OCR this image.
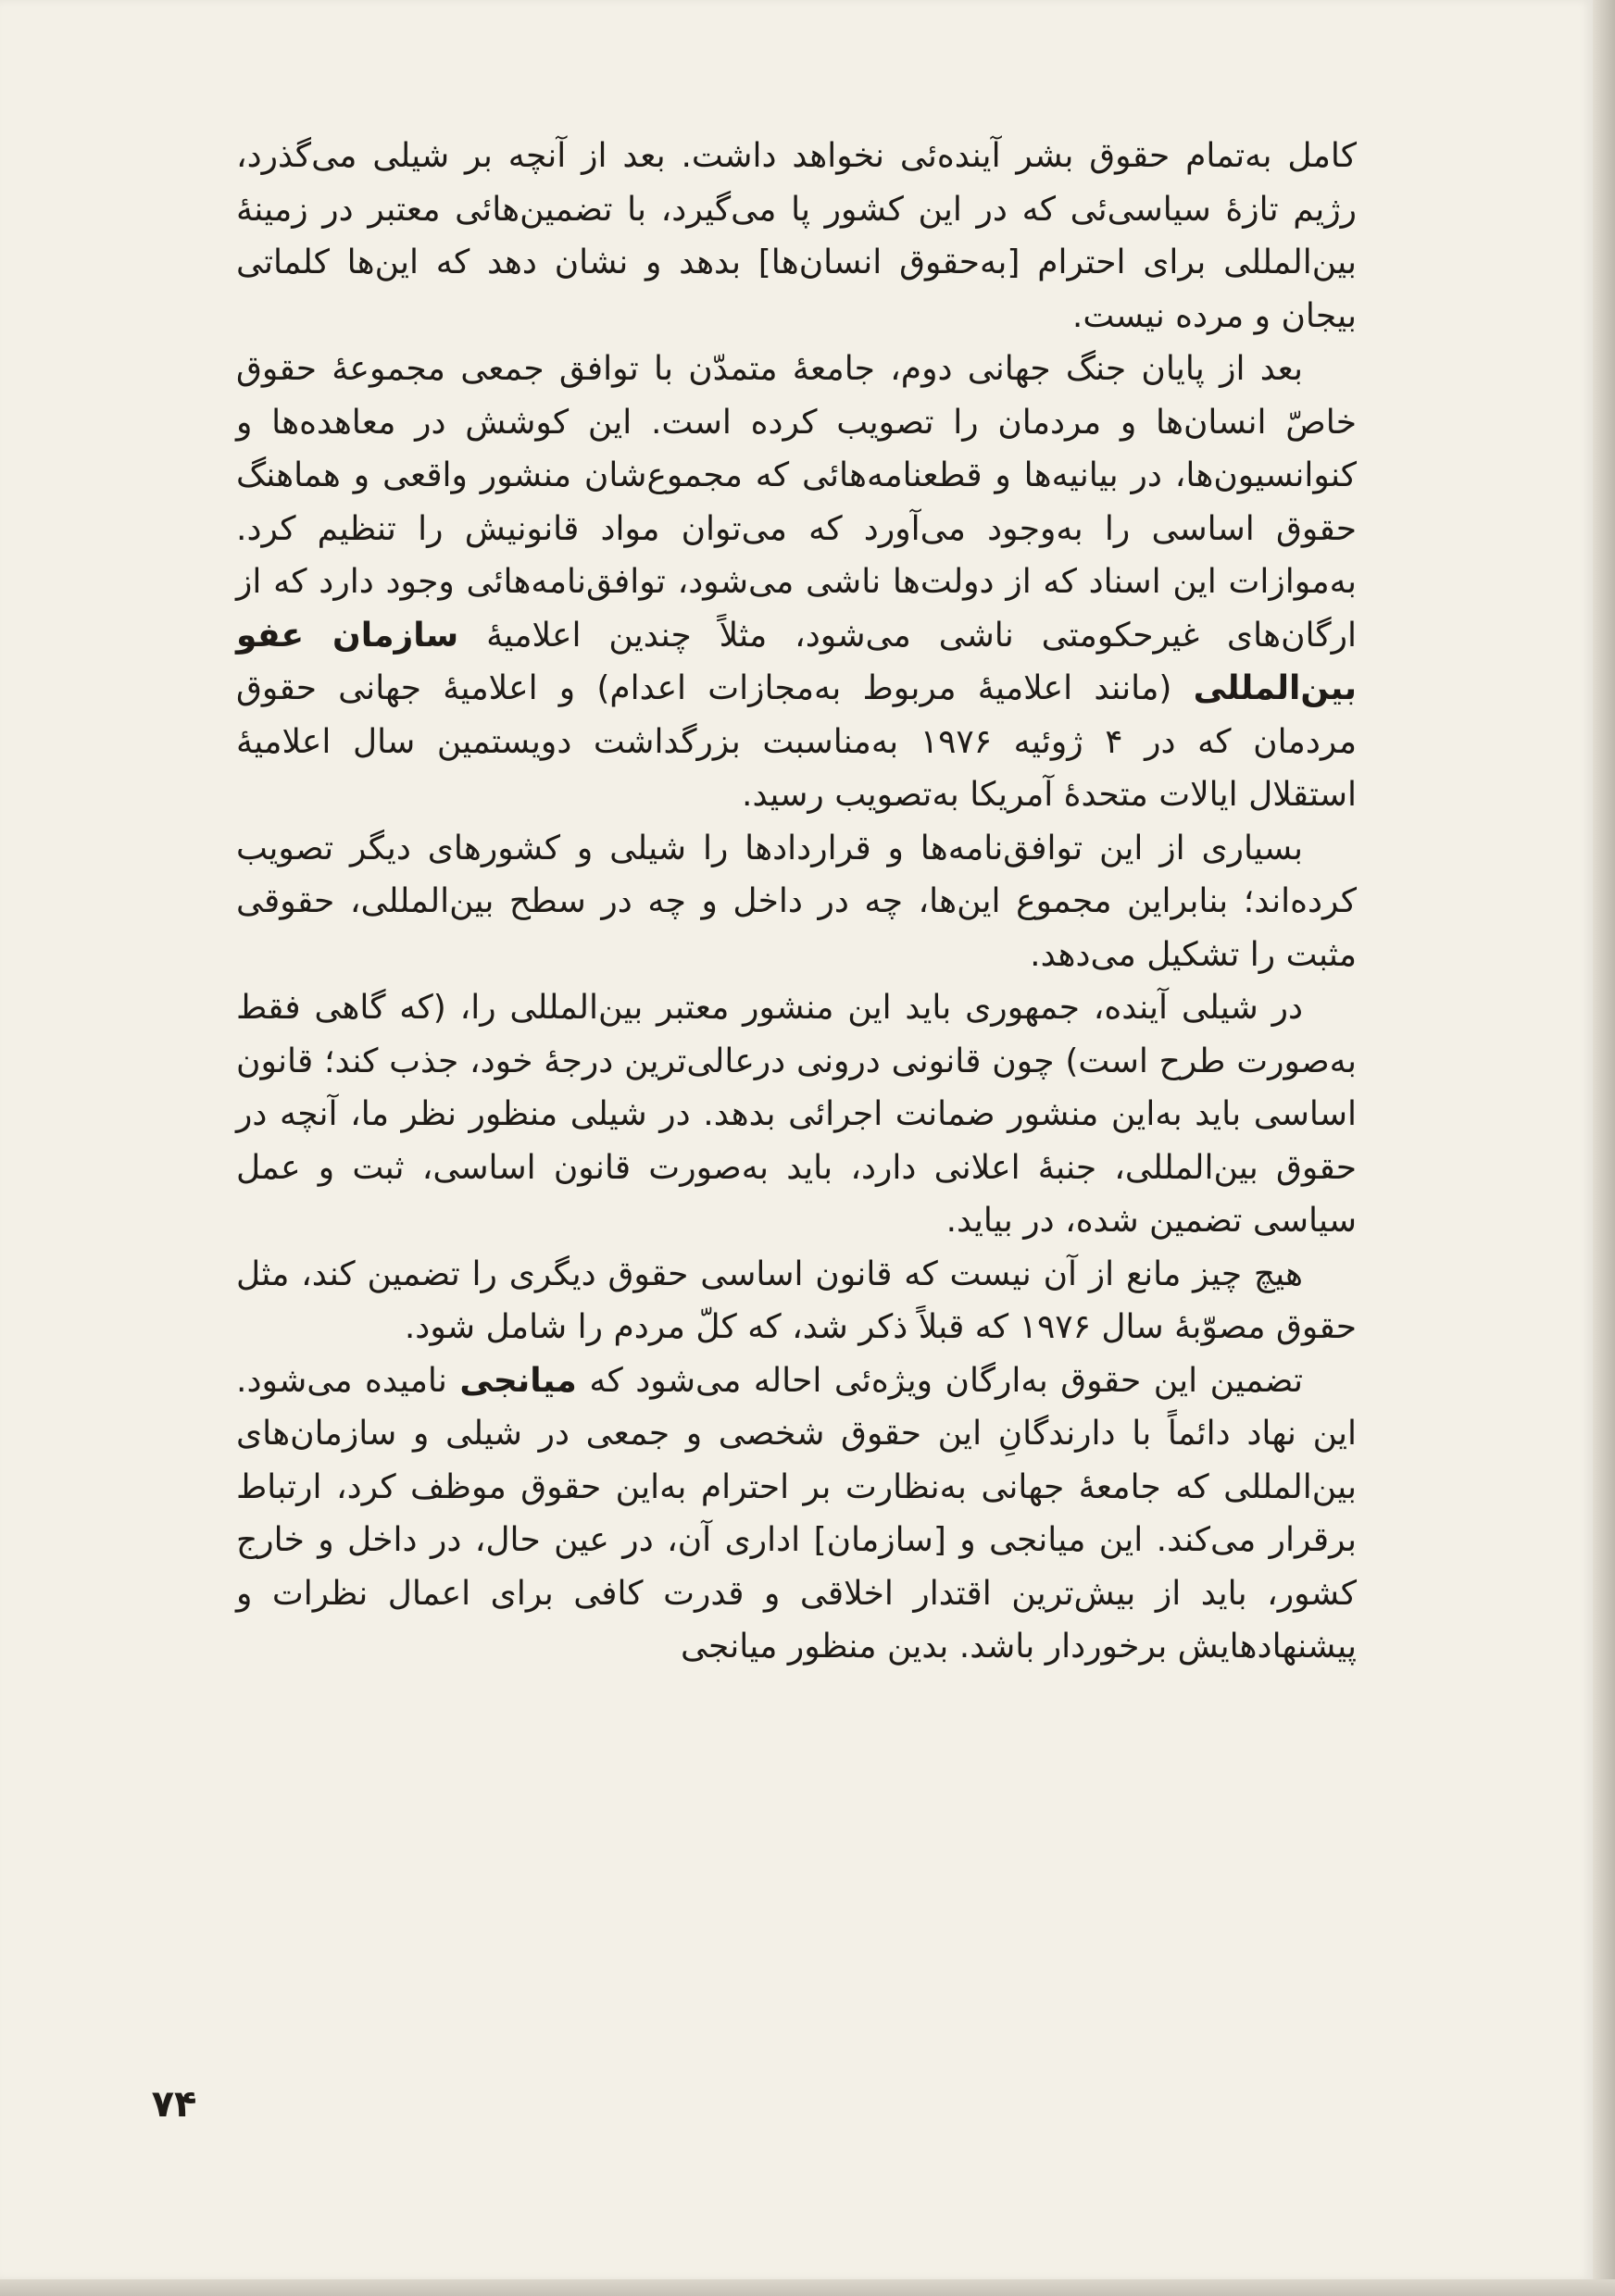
کامل به‌تمام حقوق بشر آینده‌ئی نخواهد داشت. بعد از آنچه بر شیلی می‌گذرد، رژیم تازهٔ سیاسی‌ئی که در این کشور پا می‌گیرد، با تضمین‌هائی معتبر در زمینهٔ بین‌المللی برای احترام [به‌حقوق انسان‌ها] بدهد و نشان دهد که این‌ها کلماتی بیجان و مرده نیست.

بعد از پایان جنگ جهانی دوم، جامعهٔ متمدّن با توافق جمعی مجموعهٔ حقوق خاصّ انسان‌ها و مردمان را تصویب کرده است. این کوشش در معاهده‌ها و کنوانسیون‌ها، در بیانیه‌ها و قطعنامه‌هائی که مجموع‌شان منشور واقعی و هماهنگ حقوق اساسی را به‌وجود می‌آورد که می‌توان مواد قانونیش را تنظیم کرد. به‌موازات این اسناد که از دولت‌ها ناشی می‌شود، توافق‌نامه‌هائی وجود دارد که از ارگان‌های غیرحکومتی ناشی می‌شود، مثلاً چندین اعلامیهٔ سازمان عفو بین‌المللی (مانند اعلامیهٔ مربوط به‌مجازات اعدام) و اعلامیهٔ جهانی حقوق مردمان که در ۴ ژوئیه ۱۹۷۶ به‌مناسبت بزرگداشت دویستمین سال اعلامیهٔ استقلال ایالات متحدهٔ آمریکا به‌تصویب رسید.

بسیاری از این توافق‌نامه‌ها و قراردادها را شیلی و کشورهای دیگر تصویب کرده‌اند؛ بنابراین مجموع این‌ها، چه در داخل و چه در سطح بین‌المللی، حقوقی مثبت را تشکیل می‌دهد.

در شیلی آینده، جمهوری باید این منشور معتبر بین‌المللی را، (که گاهی فقط به‌صورت طرح است) چون قانونی درونی درعالی‌ترین درجهٔ خود، جذب کند؛ قانون اساسی باید به‌این منشور ضمانت اجرائی بدهد. در شیلی منظور نظر ما، آنچه در حقوق بین‌المللی، جنبهٔ اعلانی دارد، باید به‌صورت قانون اساسی، ثبت و عمل سیاسی تضمین شده، در بیاید.

هیچ چیز مانع از آن نیست که قانون اساسی حقوق دیگری را تضمین کند، مثل حقوق مصوّبهٔ سال ۱۹۷۶ که قبلاً ذکر شد، که کلّ مردم را شامل شود.

تضمین این حقوق به‌ارگان ویژه‌ئی احاله می‌شود که میانجی نامیده می‌شود. این نهاد دائماً با دارندگانِ این حقوق شخصی و جمعی در شیلی و سازمان‌های بین‌المللی که جامعهٔ جهانی به‌نظارت بر احترام به‌این حقوق موظف کرد، ارتباط برقرار می‌کند. این میانجی و [سازمان] اداری آن، در عین حال، در داخل و خارج کشور، باید از بیش‌ترین اقتدار اخلاقی و قدرت کافی برای اعمال نظرات و پیشنهادهایش برخوردار باشد. بدین منظور میانجی

۷۴
